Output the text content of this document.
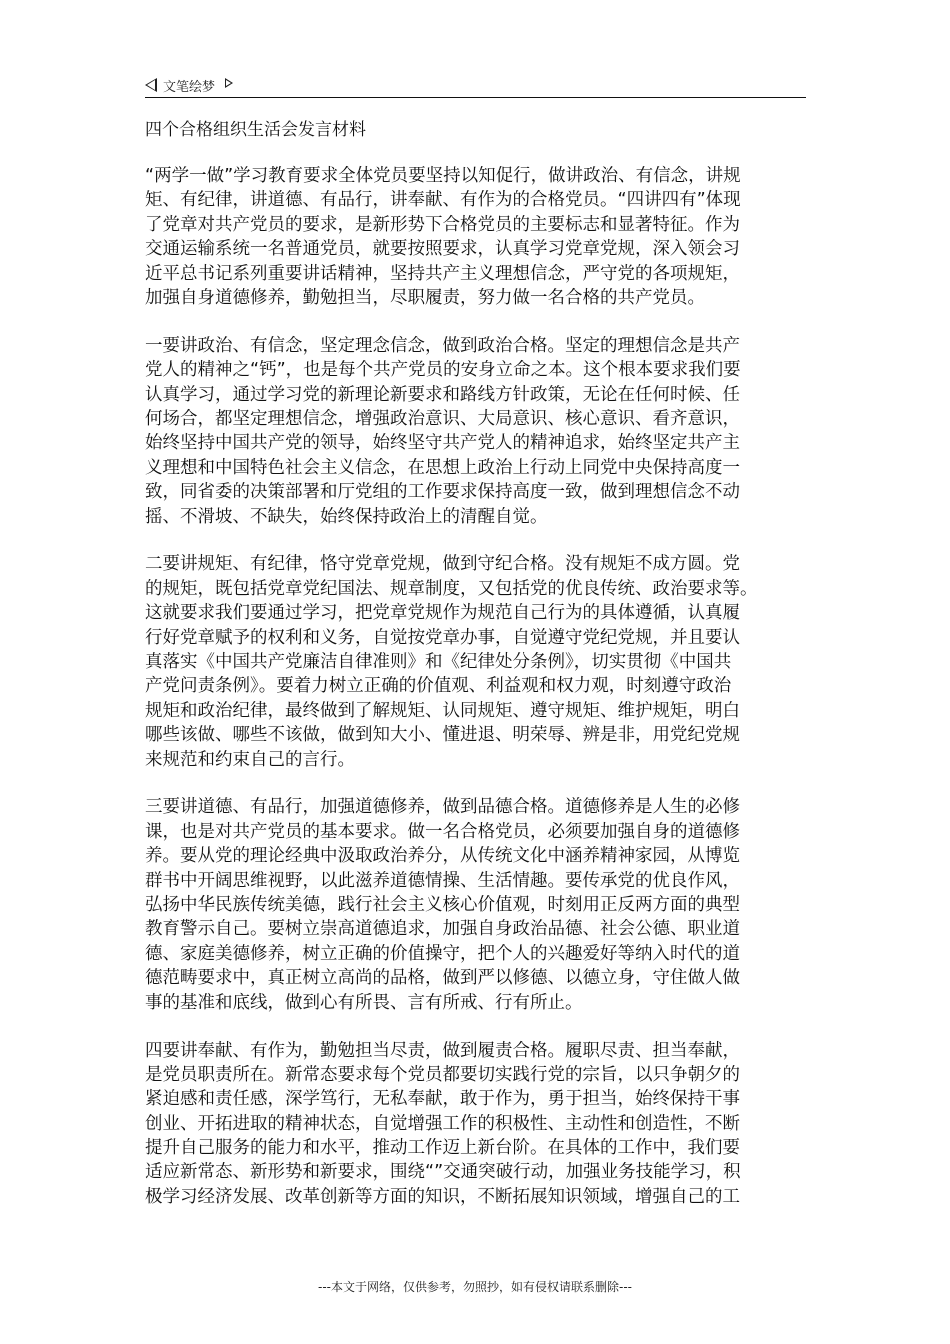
文笔绘梦
四个合格组织生活会发言材料
“两学一做”学习教育要求全体党员要坚持以知促行，做讲政治、有信念，讲规
矩、有纪律，讲道德、有品行，讲奉献、有作为的合格党员。“四讲四有”体现
了党章对共产党员的要求，是新形势下合格党员的主要标志和显著特征。作为
交通运输系统一名普通党员，就要按照要求，认真学习党章党规，深入领会习
近平总书记系列重要讲话精神，坚持共产主义理想信念，严守党的各项规矩，
加强自身道德修养，勤勉担当，尽职履责，努力做一名合格的共产党员。
一要讲政治、有信念，坚定理念信念，做到政治合格。坚定的理想信念是共产
党人的精神之“钙”，也是每个共产党员的安身立命之本。这个根本要求我们要
认真学习，通过学习党的新理论新要求和路线方针政策，无论在任何时候、任
何场合，都坚定理想信念，增强政治意识、大局意识、核心意识、看齐意识，
始终坚持中国共产党的领导，始终坚守共产党人的精神追求，始终坚定共产主
义理想和中国特色社会主义信念，在思想上政治上行动上同党中央保持高度一
致，同省委的决策部署和厅党组的工作要求保持高度一致，做到理想信念不动
摇、不滑坡、不缺失，始终保持政治上的清醒自觉。
二要讲规矩、有纪律，恪守党章党规，做到守纪合格。没有规矩不成方圆。党
的规矩，既包括党章党纪国法、规章制度，又包括党的优良传统、政治要求等。
这就要求我们要通过学习，把党章党规作为规范自己行为的具体遵循，认真履
行好党章赋予的权利和义务，自觉按党章办事，自觉遵守党纪党规，并且要认
真落实《中国共产党廉洁自律准则》和《纪律处分条例》，切实贯彻《中国共
产党问责条例》。要着力树立正确的价值观、利益观和权力观，时刻遵守政治
规矩和政治纪律，最终做到了解规矩、认同规矩、遵守规矩、维护规矩，明白
哪些该做、哪些不该做，做到知大小、懂进退、明荣辱、辨是非，用党纪党规
来规范和约束自己的言行。
三要讲道德、有品行，加强道德修养，做到品德合格。道德修养是人生的必修
课，也是对共产党员的基本要求。做一名合格党员，必须要加强自身的道德修
养。要从党的理论经典中汲取政治养分，从传统文化中涵养精神家园，从博览
群书中开阔思维视野，以此滋养道德情操、生活情趣。要传承党的优良作风，
弘扬中华民族传统美德，践行社会主义核心价值观，时刻用正反两方面的典型
教育警示自己。要树立崇高道德追求，加强自身政治品德、社会公德、职业道
德、家庭美德修养，树立正确的价值操守，把个人的兴趣爱好等纳入时代的道
德范畴要求中，真正树立高尚的品格，做到严以修德、以德立身，守住做人做
事的基准和底线，做到心有所畏、言有所戒、行有所止。
四要讲奉献、有作为，勤勉担当尽责，做到履责合格。履职尽责、担当奉献，
是党员职责所在。新常态要求每个党员都要切实践行党的宗旨，以只争朝夕的
紧迫感和责任感，深学笃行，无私奉献，敢于作为，勇于担当，始终保持干事
创业、开拓进取的精神状态，自觉增强工作的积极性、主动性和创造性，不断
提升自己服务的能力和水平，推动工作迈上新台阶。在具体的工作中，我们要
适应新常态、新形势和新要求，围绕“”交通突破行动，加强业务技能学习，积
极学习经济发展、改革创新等方面的知识，不断拓展知识领域，增强自己的工
---本文于网络，仅供参考，勿照抄，如有侵权请联系删除---
